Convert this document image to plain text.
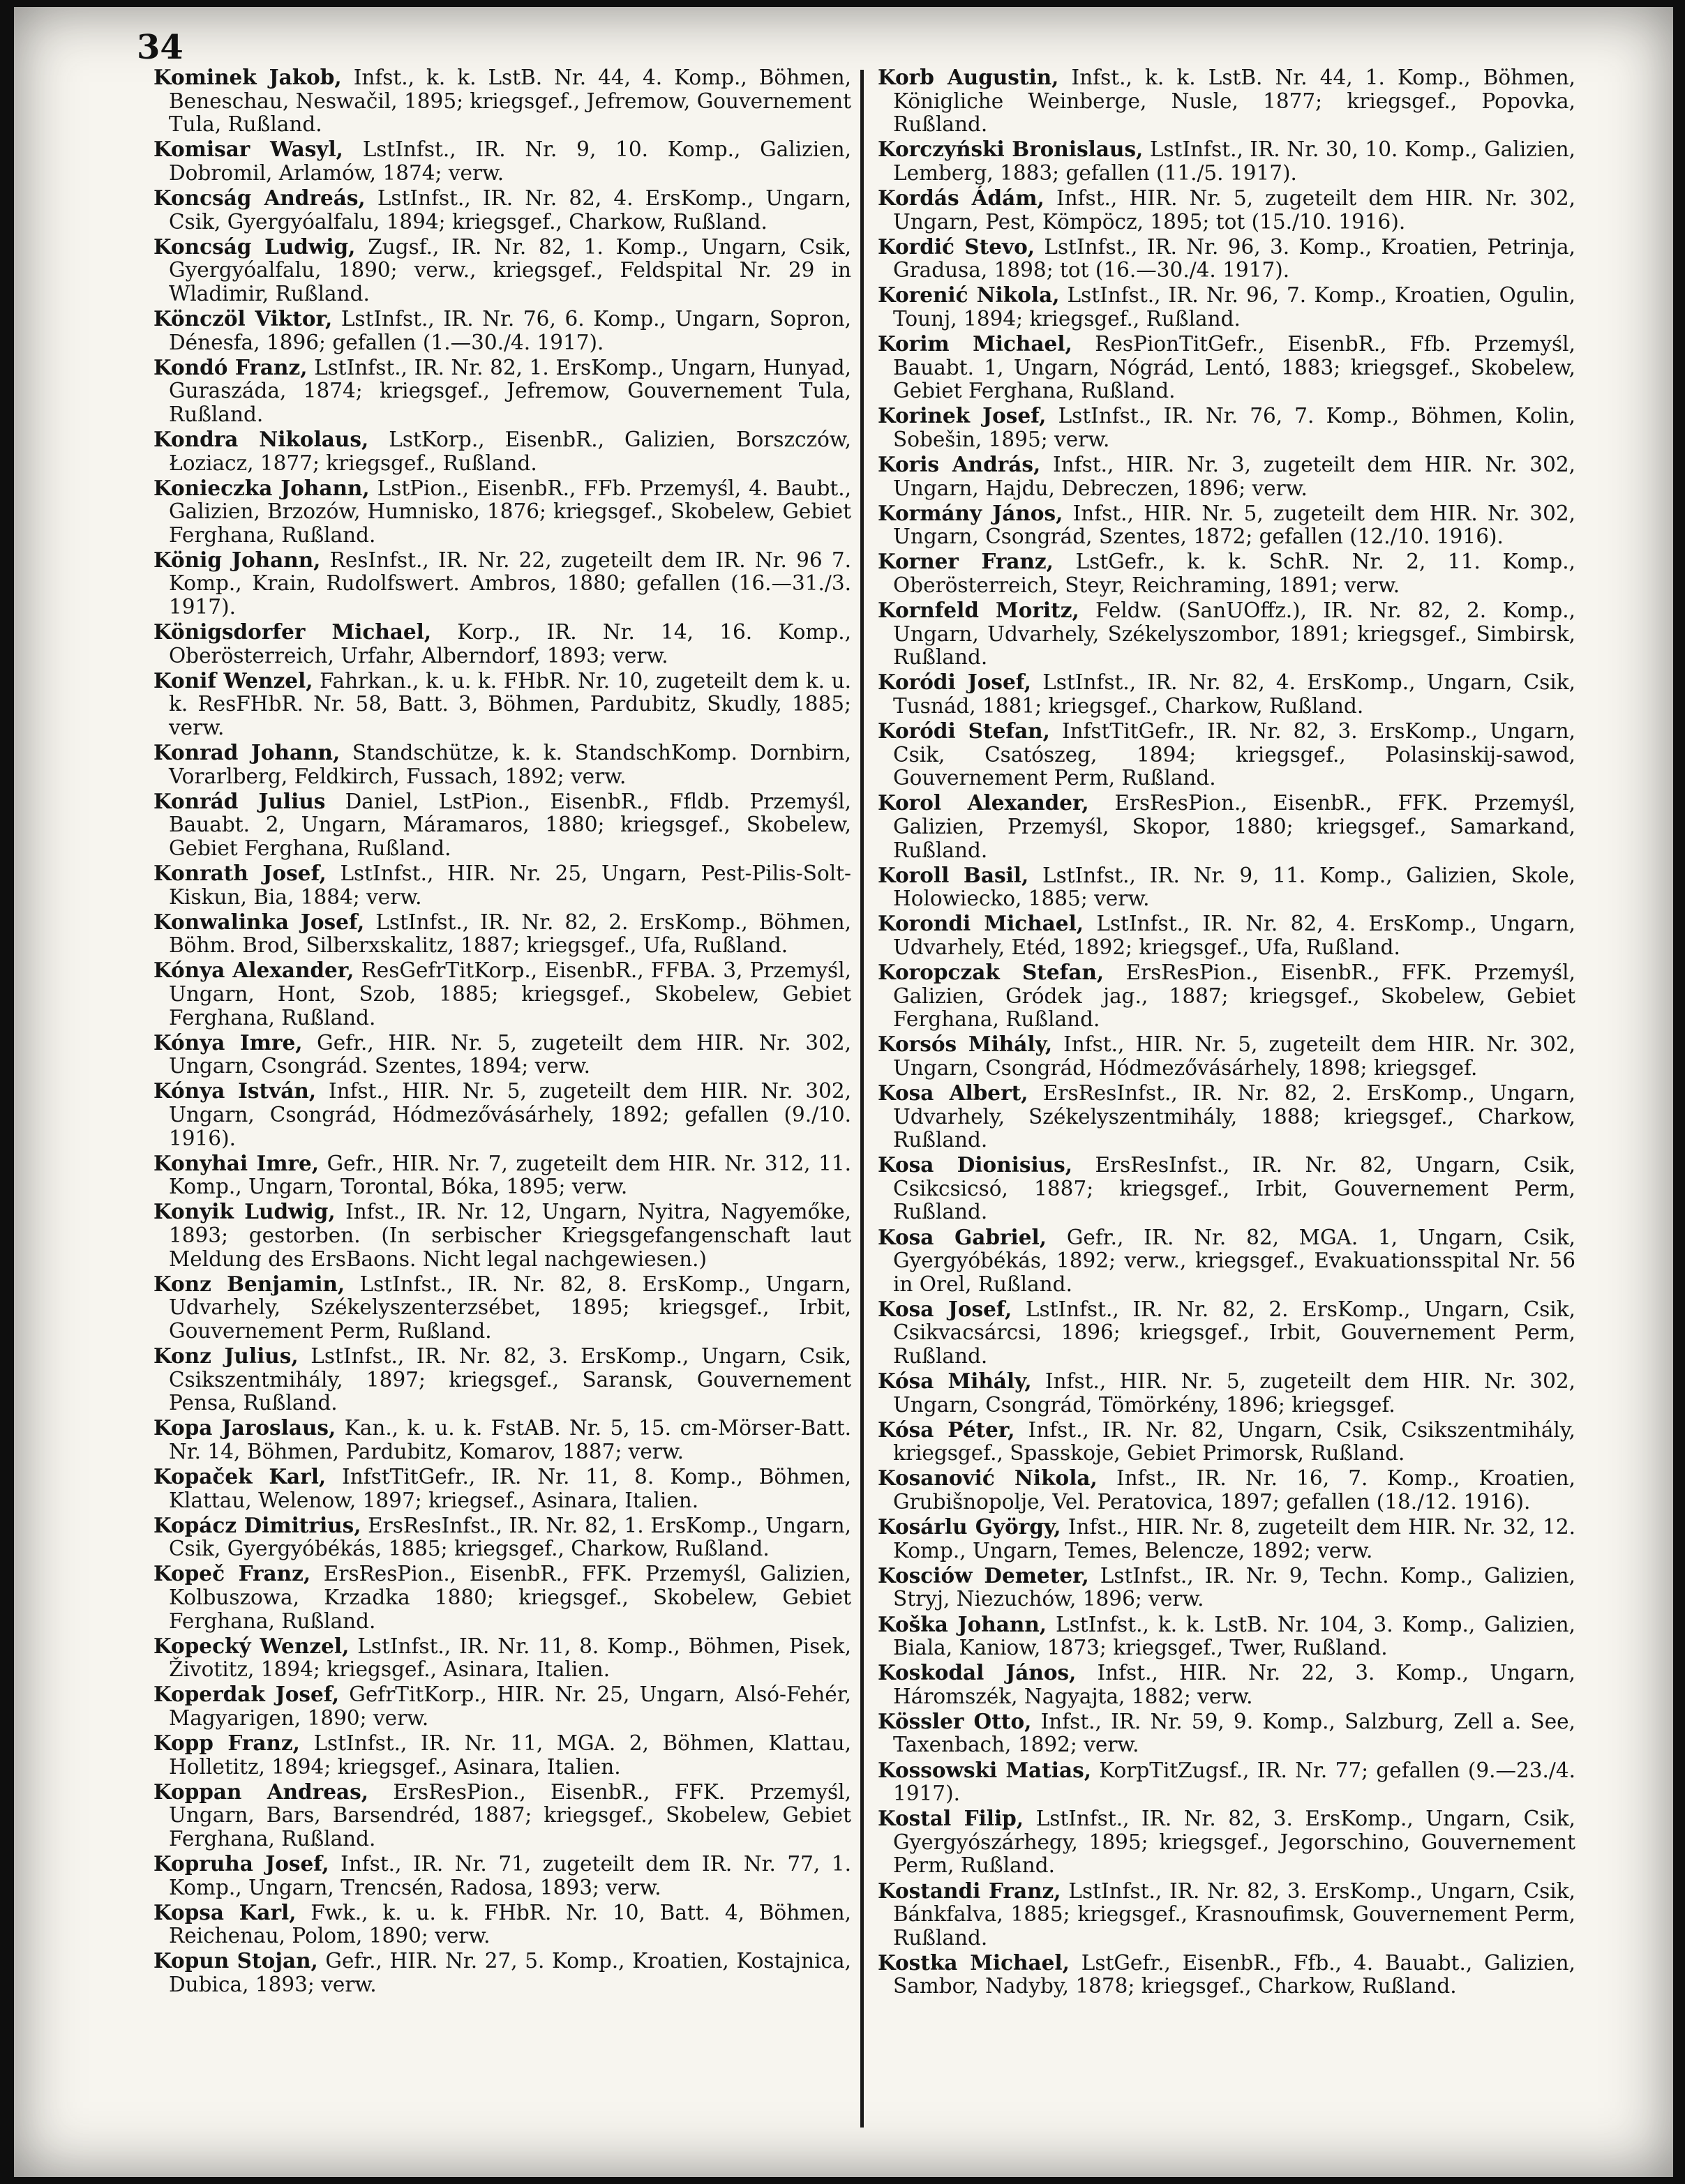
34

Kominek Jakob, Infst., k. k. LstB. Nr. 44, 4. Komp., Böhmen, Beneschau, Neswačil, 1895; kriegsgef., Jefremow, Gouvernement Tula, Rußland.

Komisar Wasyl, LstInfst., IR. Nr. 9, 10. Komp., Galizien, Dobromil, Arlamów, 1874; verw.

Koncság Andreás, LstInfst., IR. Nr. 82, 4. ErsKomp., Ungarn, Csik, Gyergyóalfalu, 1894; kriegsgef., Charkow, Rußland.

Koncság Ludwig, Zugsf., IR. Nr. 82, 1. Komp., Ungarn, Csik, Gyergyóalfalu, 1890; verw., kriegsgef., Feldspital Nr. 29 in Wladimir, Rußland.

Könczöl Viktor, LstInfst., IR. Nr. 76, 6. Komp., Ungarn, Sopron, Dénesfa, 1896; gefallen (1.—30./4. 1917).

Kondó Franz, LstInfst., IR. Nr. 82, 1. ErsKomp., Ungarn, Hunyad, Guraszáda, 1874; kriegsgef., Jefremow, Gouvernement Tula, Rußland.

Kondra Nikolaus, LstKorp., EisenbR., Galizien, Borszczów, Łoziacz, 1877; kriegsgef., Rußland.

Konieczka Johann, LstPion., EisenbR., FFb. Przemyśl, 4. Baubt., Galizien, Brzozów, Humnisko, 1876; kriegsgef., Skobelew, Gebiet Ferghana, Rußland.

König Johann, ResInfst., IR. Nr. 22, zugeteilt dem IR. Nr. 96 7. Komp., Krain, Rudolfswert. Ambros, 1880; gefallen (16.—31./3. 1917).

Königsdorfer Michael, Korp., IR. Nr. 14, 16. Komp., Oberösterreich, Urfahr, Alberndorf, 1893; verw.

Konif Wenzel, Fahrkan., k. u. k. FHbR. Nr. 10, zugeteilt dem k. u. k. ResFHbR. Nr. 58, Batt. 3, Böhmen, Pardubitz, Skudly, 1885; verw.

Konrad Johann, Standschütze, k. k. StandschKomp. Dornbirn, Vorarlberg, Feldkirch, Fussach, 1892; verw.

Konrád Julius Daniel, LstPion., EisenbR., Ffldb. Przemyśl, Bauabt. 2, Ungarn, Máramaros, 1880; kriegsgef., Skobelew, Gebiet Ferghana, Rußland.

Konrath Josef, LstInfst., HIR. Nr. 25, Ungarn, Pest-Pilis-Solt-Kiskun, Bia, 1884; verw.

Konwalinka Josef, LstInfst., IR. Nr. 82, 2. ErsKomp., Böhmen, Böhm. Brod, Silberxskalitz, 1887; kriegsgef., Ufa, Rußland.

Kónya Alexander, ResGefrTitKorp., EisenbR., FFBA. 3, Przemyśl, Ungarn, Hont, Szob, 1885; kriegsgef., Skobelew, Gebiet Ferghana, Rußland.

Kónya Imre, Gefr., HIR. Nr. 5, zugeteilt dem HIR. Nr. 302, Ungarn, Csongrád. Szentes, 1894; verw.

Kónya István, Infst., HIR. Nr. 5, zugeteilt dem HIR. Nr. 302, Ungarn, Csongrád, Hódmezővásárhely, 1892; gefallen (9./10. 1916).

Konyhai Imre, Gefr., HIR. Nr. 7, zugeteilt dem HIR. Nr. 312, 11. Komp., Ungarn, Torontal, Bóka, 1895; verw.

Konyik Ludwig, Infst., IR. Nr. 12, Ungarn, Nyitra, Nagyemőke, 1893; gestorben. (In serbischer Kriegsgefangenschaft laut Meldung des ErsBaons. Nicht legal nachgewiesen.)

Konz Benjamin, LstInfst., IR. Nr. 82, 8. ErsKomp., Ungarn, Udvarhely, Székelyszenterzsébet, 1895; kriegsgef., Irbit, Gouvernement Perm, Rußland.

Konz Julius, LstInfst., IR. Nr. 82, 3. ErsKomp., Ungarn, Csik, Csikszentmihály, 1897; kriegsgef., Saransk, Gouvernement Pensa, Rußland.

Kopa Jaroslaus, Kan., k. u. k. FstAB. Nr. 5, 15. cm-Mörser-Batt. Nr. 14, Böhmen, Pardubitz, Komarov, 1887; verw.

Kopaček Karl, InfstTitGefr., IR. Nr. 11, 8. Komp., Böhmen, Klattau, Welenow, 1897; kriegsef., Asinara, Italien.

Kopácz Dimitrius, ErsResInfst., IR. Nr. 82, 1. ErsKomp., Ungarn, Csik, Gyergyóbékás, 1885; kriegsgef., Charkow, Rußland.

Kopeč Franz, ErsResPion., EisenbR., FFK. Przemyśl, Galizien, Kolbuszowa, Krzadka 1880; kriegsgef., Skobelew, Gebiet Ferghana, Rußland.

Kopecký Wenzel, LstInfst., IR. Nr. 11, 8. Komp., Böhmen, Pisek, Životitz, 1894; kriegsgef., Asinara, Italien.

Koperdak Josef, GefrTitKorp., HIR. Nr. 25, Ungarn, Alsó-Fehér, Magyarigen, 1890; verw.

Kopp Franz, LstInfst., IR. Nr. 11, MGA. 2, Böhmen, Klattau, Holletitz, 1894; kriegsgef., Asinara, Italien.

Koppan Andreas, ErsResPion., EisenbR., FFK. Przemyśl, Ungarn, Bars, Barsendréd, 1887; kriegsgef., Skobelew, Gebiet Ferghana, Rußland.

Kopruha Josef, Infst., IR. Nr. 71, zugeteilt dem IR. Nr. 77, 1. Komp., Ungarn, Trencsén, Radosa, 1893; verw.

Kopsa Karl, Fwk., k. u. k. FHbR. Nr. 10, Batt. 4, Böhmen, Reichenau, Polom, 1890; verw.

Kopun Stojan, Gefr., HIR. Nr. 27, 5. Komp., Kroatien, Kostajnica, Dubica, 1893; verw.

Korb Augustin, Infst., k. k. LstB. Nr. 44, 1. Komp., Böhmen, Königliche Weinberge, Nusle, 1877; kriegsgef., Popovka, Rußland.

Korczyński Bronislaus, LstInfst., IR. Nr. 30, 10. Komp., Galizien, Lemberg, 1883; gefallen (11./5. 1917).

Kordás Ádám, Infst., HIR. Nr. 5, zugeteilt dem HIR. Nr. 302, Ungarn, Pest, Kömpöcz, 1895; tot (15./10. 1916).

Kordić Stevo, LstInfst., IR. Nr. 96, 3. Komp., Kroatien, Petrinja, Gradusa, 1898; tot (16.—30./4. 1917).

Korenić Nikola, LstInfst., IR. Nr. 96, 7. Komp., Kroatien, Ogulin, Tounj, 1894; kriegsgef., Rußland.

Korim Michael, ResPionTitGefr., EisenbR., Ffb. Przemyśl, Bauabt. 1, Ungarn, Nógrád, Lentó, 1883; kriegsgef., Skobelew, Gebiet Ferghana, Rußland.

Korinek Josef, LstInfst., IR. Nr. 76, 7. Komp., Böhmen, Kolin, Sobešin, 1895; verw.

Koris András, Infst., HIR. Nr. 3, zugeteilt dem HIR. Nr. 302, Ungarn, Hajdu, Debreczen, 1896; verw.

Kormány János, Infst., HIR. Nr. 5, zugeteilt dem HIR. Nr. 302, Ungarn, Csongrád, Szentes, 1872; gefallen (12./10. 1916).

Korner Franz, LstGefr., k. k. SchR. Nr. 2, 11. Komp., Oberösterreich, Steyr, Reichraming, 1891; verw.

Kornfeld Moritz, Feldw. (SanUOffz.), IR. Nr. 82, 2. Komp., Ungarn, Udvarhely, Székelyszombor, 1891; kriegsgef., Simbirsk, Rußland.

Koródi Josef, LstInfst., IR. Nr. 82, 4. ErsKomp., Ungarn, Csik, Tusnád, 1881; kriegsgef., Charkow, Rußland.

Koródi Stefan, InfstTitGefr., IR. Nr. 82, 3. ErsKomp., Ungarn, Csik, Csatószeg, 1894; kriegsgef., Polasinskij-sawod, Gouvernement Perm, Rußland.

Korol Alexander, ErsResPion., EisenbR., FFK. Przemyśl, Galizien, Przemyśl, Skopor, 1880; kriegsgef., Samarkand, Rußland.

Koroll Basil, LstInfst., IR. Nr. 9, 11. Komp., Galizien, Skole, Holowiecko, 1885; verw.

Korondi Michael, LstInfst., IR. Nr. 82, 4. ErsKomp., Ungarn, Udvarhely, Etéd, 1892; kriegsgef., Ufa, Rußland.

Koropczak Stefan, ErsResPion., EisenbR., FFK. Przemyśl, Galizien, Gródek jag., 1887; kriegsgef., Skobelew, Gebiet Ferghana, Rußland.

Korsós Mihály, Infst., HIR. Nr. 5, zugeteilt dem HIR. Nr. 302, Ungarn, Csongrád, Hódmezővásárhely, 1898; kriegsgef.

Kosa Albert, ErsResInfst., IR. Nr. 82, 2. ErsKomp., Ungarn, Udvarhely, Székelyszentmihály, 1888; kriegsgef., Charkow, Rußland.

Kosa Dionisius, ErsResInfst., IR. Nr. 82, Ungarn, Csik, Csikcsicsó, 1887; kriegsgef., Irbit, Gouvernement Perm, Rußland.

Kosa Gabriel, Gefr., IR. Nr. 82, MGA. 1, Ungarn, Csik, Gyergyóbékás, 1892; verw., kriegsgef., Evakuationsspital Nr. 56 in Orel, Rußland.

Kosa Josef, LstInfst., IR. Nr. 82, 2. ErsKomp., Ungarn, Csik, Csikvacsárcsi, 1896; kriegsgef., Irbit, Gouvernement Perm, Rußland.

Kósa Mihály, Infst., HIR. Nr. 5, zugeteilt dem HIR. Nr. 302, Ungarn, Csongrád, Tömörkény, 1896; kriegsgef.

Kósa Péter, Infst., IR. Nr. 82, Ungarn, Csik, Csikszentmihály, kriegsgef., Spasskoje, Gebiet Primorsk, Rußland.

Kosanović Nikola, Infst., IR. Nr. 16, 7. Komp., Kroatien, Grubišnopolje, Vel. Peratovica, 1897; gefallen (18./12. 1916).

Kosárlu György, Infst., HIR. Nr. 8, zugeteilt dem HIR. Nr. 32, 12. Komp., Ungarn, Temes, Belencze, 1892; verw.

Kosciów Demeter, LstInfst., IR. Nr. 9, Techn. Komp., Galizien, Stryj, Niezuchów, 1896; verw.

Koška Johann, LstInfst., k. k. LstB. Nr. 104, 3. Komp., Galizien, Biala, Kaniow, 1873; kriegsgef., Twer, Rußland.

Koskodal János, Infst., HIR. Nr. 22, 3. Komp., Ungarn, Háromszék, Nagyajta, 1882; verw.

Kössler Otto, Infst., IR. Nr. 59, 9. Komp., Salzburg, Zell a. See, Taxenbach, 1892; verw.

Kossowski Matias, KorpTitZugsf., IR. Nr. 77; gefallen (9.—23./4. 1917).

Kostal Filip, LstInfst., IR. Nr. 82, 3. ErsKomp., Ungarn, Csik, Gyergyószárhegy, 1895; kriegsgef., Jegorschino, Gouvernement Perm, Rußland.

Kostandi Franz, LstInfst., IR. Nr. 82, 3. ErsKomp., Ungarn, Csik, Bánkfalva, 1885; kriegsgef., Krasnoufimsk, Gouvernement Perm, Rußland.

Kostka Michael, LstGefr., EisenbR., Ffb., 4. Bauabt., Galizien, Sambor, Nadyby, 1878; kriegsgef., Charkow, Rußland.
